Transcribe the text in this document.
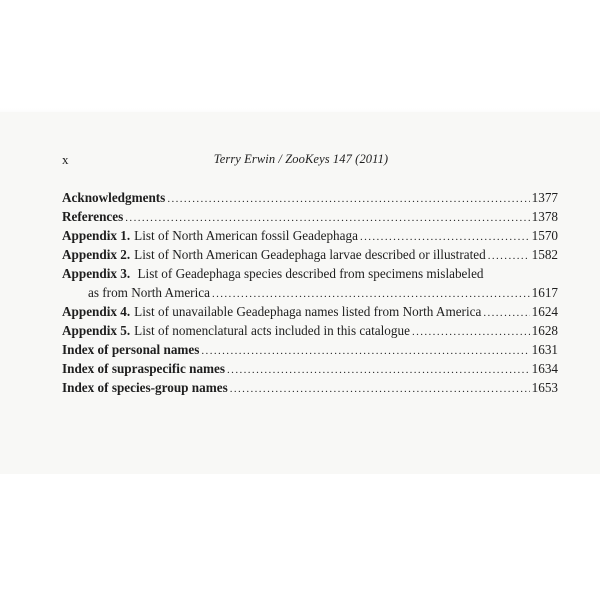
x	Terry Erwin / ZooKeys 147 (2011)
Acknowledgments .....	1377
References .....	1378
Appendix 1. List of North American fossil Geadephaga .....	1570
Appendix 2. List of North American Geadephaga larvae described or illustrated .....	1582
Appendix 3. List of Geadephaga species described from specimens mislabeled
as from North America .....	1617
Appendix 4. List of unavailable Geadephaga names listed from North America .....	1624
Appendix 5. List of nomenclatural acts included in this catalogue .....	1628
Index of personal names .....	1631
Index of supraspecific names .....	1634
Index of species-group names .....	1653
